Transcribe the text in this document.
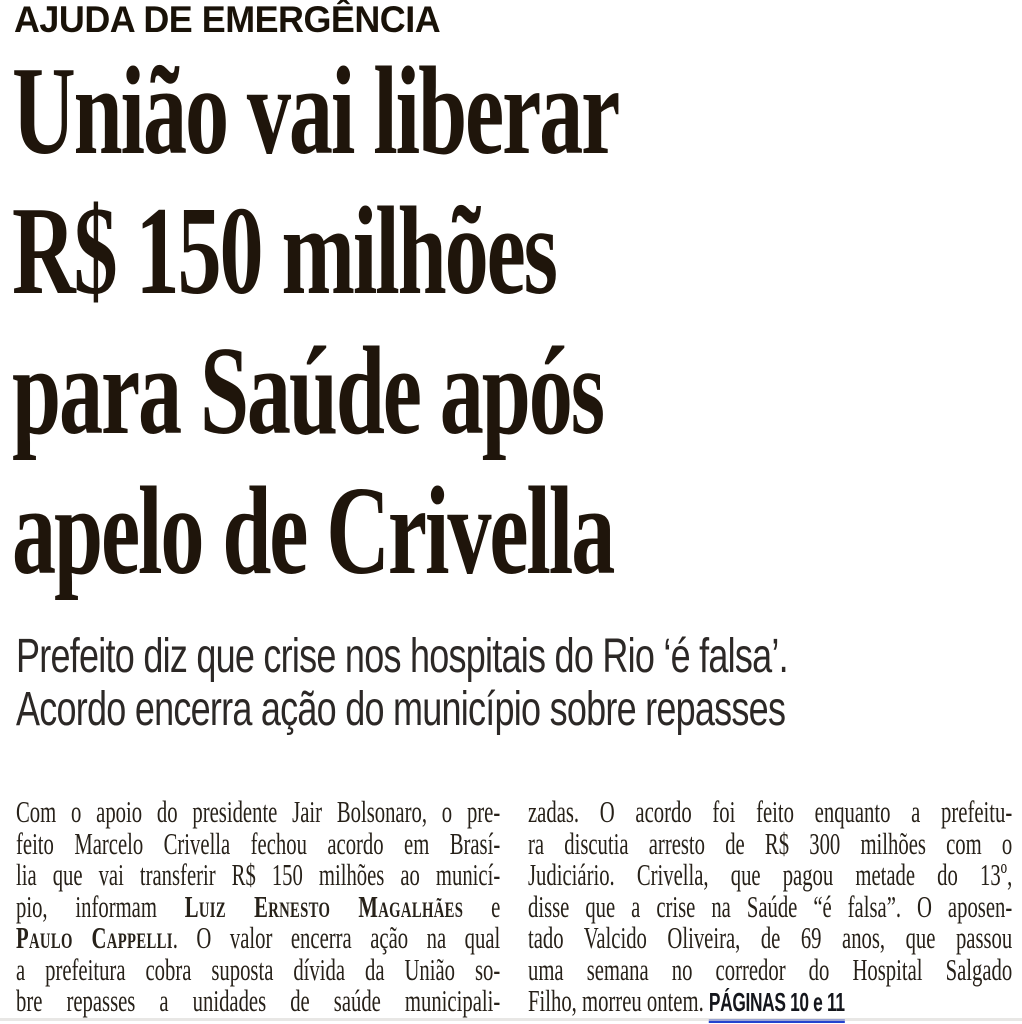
AJUDA DE EMERGÊNCIA
União vai liberar
R$ 150 milhões
para Saúde após
apelo de Crivella

Prefeito diz que crise nos hospitais do Rio ‘é falsa’.
Acordo encerra ação do município sobre repasses

Com o apoio do presidente Jair Bolsonaro, o pre-
feito Marcelo Crivella fechou acordo em Brasí-
lia que vai transferir R$ 150 milhões ao municí-
pio, informam Luiz Ernesto Magalhães e
Paulo Cappelli. O valor encerra ação na qual
a prefeitura cobra suposta dívida da União so-
bre repasses a unidades de saúde municipali-
zadas. O acordo foi feito enquanto a prefeitu-
ra discutia arresto de R$ 300 milhões com o
Judiciário. Crivella, que pagou metade do 13º,
disse que a crise na Saúde “é falsa”. O aposen-
tado Valcido Oliveira, de 69 anos, que passou
uma semana no corredor do Hospital Salgado
Filho, morreu ontem. PÁGINAS 10 e 11
